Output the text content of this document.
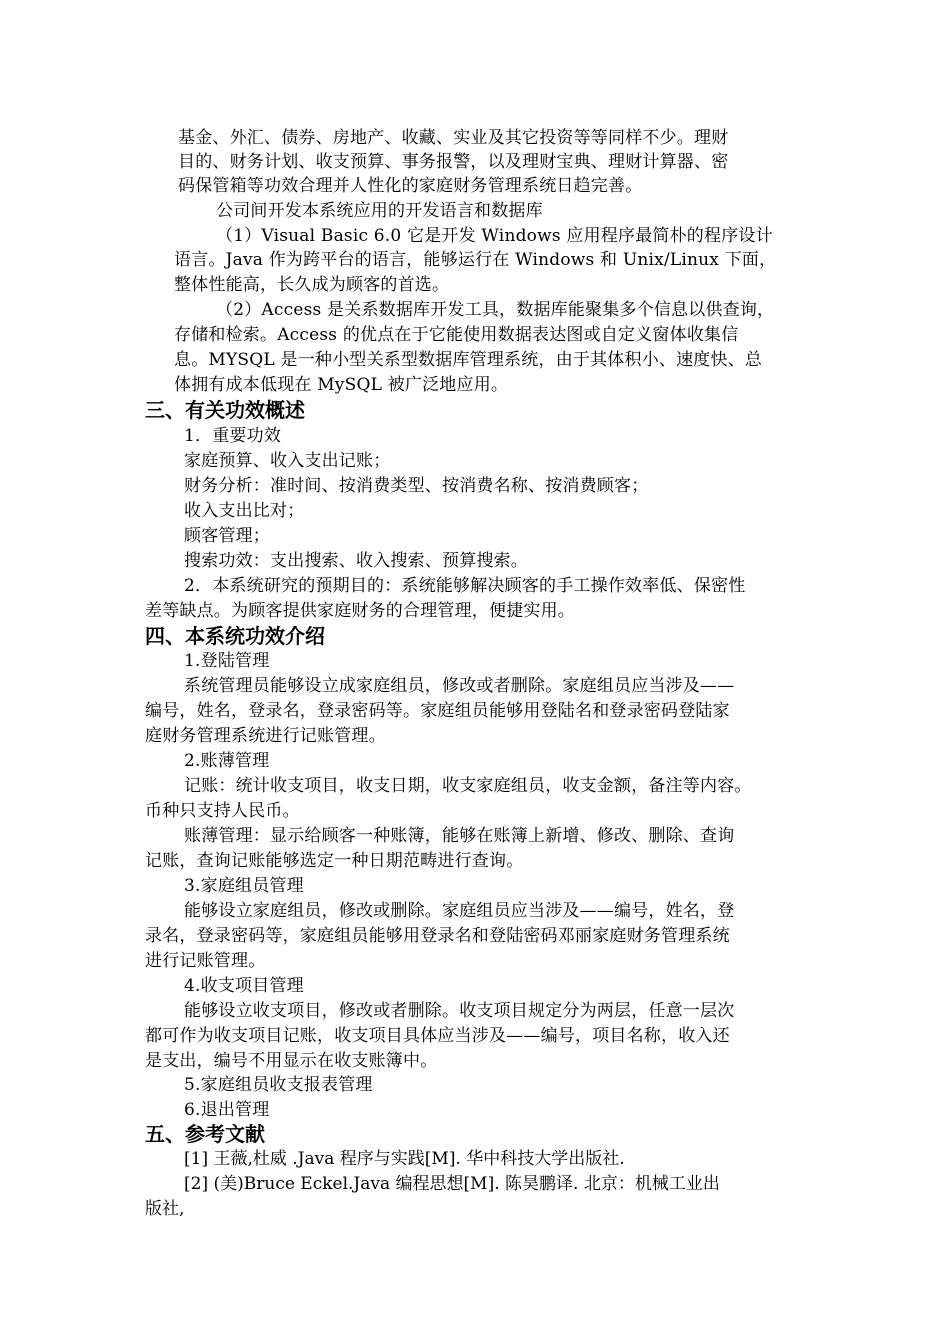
基金、外汇、债券、房地产、收藏、实业及其它投资等等同样不少。理财
目的、财务计划、收支预算、事务报警，以及理财宝典、理财计算器、密
码保管箱等功效合理并人性化的家庭财务管理系统日趋完善。
公司间开发本系统应用的开发语言和数据库
（1）Visual Basic 6.0 它是开发 Windows 应用程序最简朴的程序设计
语言。Java 作为跨平台的语言，能够运行在 Windows 和 Unix/Linux 下面，
整体性能高，长久成为顾客的首选。
（2）Access 是关系数据库开发工具，数据库能聚集多个信息以供查询，
存储和检索。Access 的优点在于它能使用数据表达图或自定义窗体收集信
息。MYSQL 是一种小型关系型数据库管理系统，由于其体积小、速度快、总
体拥有成本低现在 MySQL 被广泛地应用。
三、有关功效概述
1．重要功效
家庭预算、收入支出记账；
财务分析：准时间、按消费类型、按消费名称、按消费顾客；
收入支出比对；
顾客管理；
搜索功效：支出搜索、收入搜索、预算搜索。
2．本系统研究的预期目的：系统能够解决顾客的手工操作效率低、保密性
差等缺点。为顾客提供家庭财务的合理管理，便捷实用。
四、本系统功效介绍
1.登陆管理
系统管理员能够设立成家庭组员，修改或者删除。家庭组员应当涉及——
编号，姓名，登录名，登录密码等。家庭组员能够用登陆名和登录密码登陆家
庭财务管理系统进行记账管理。
2.账薄管理
记账：统计收支项目，收支日期，收支家庭组员，收支金额，备注等内容。
币种只支持人民币。
账薄管理：显示给顾客一种账簿，能够在账簿上新增、修改、删除、查询
记账，查询记账能够选定一种日期范畴进行查询。
3.家庭组员管理
能够设立家庭组员，修改或删除。家庭组员应当涉及——编号，姓名，登
录名，登录密码等，家庭组员能够用登录名和登陆密码邓丽家庭财务管理系统
进行记账管理。
4.收支项目管理
能够设立收支项目，修改或者删除。收支项目规定分为两层，任意一层次
都可作为收支项目记账，收支项目具体应当涉及——编号，项目名称，收入还
是支出，编号不用显示在收支账簿中。
5.家庭组员收支报表管理
6.退出管理
五、参考文献
[1] 王薇,杜威 .Java 程序与实践[M]. 华中科技大学出版社.
[2] (美)Bruce Eckel.Java 编程思想[M]. 陈昊鹏译. 北京：机械工业出
版社,
